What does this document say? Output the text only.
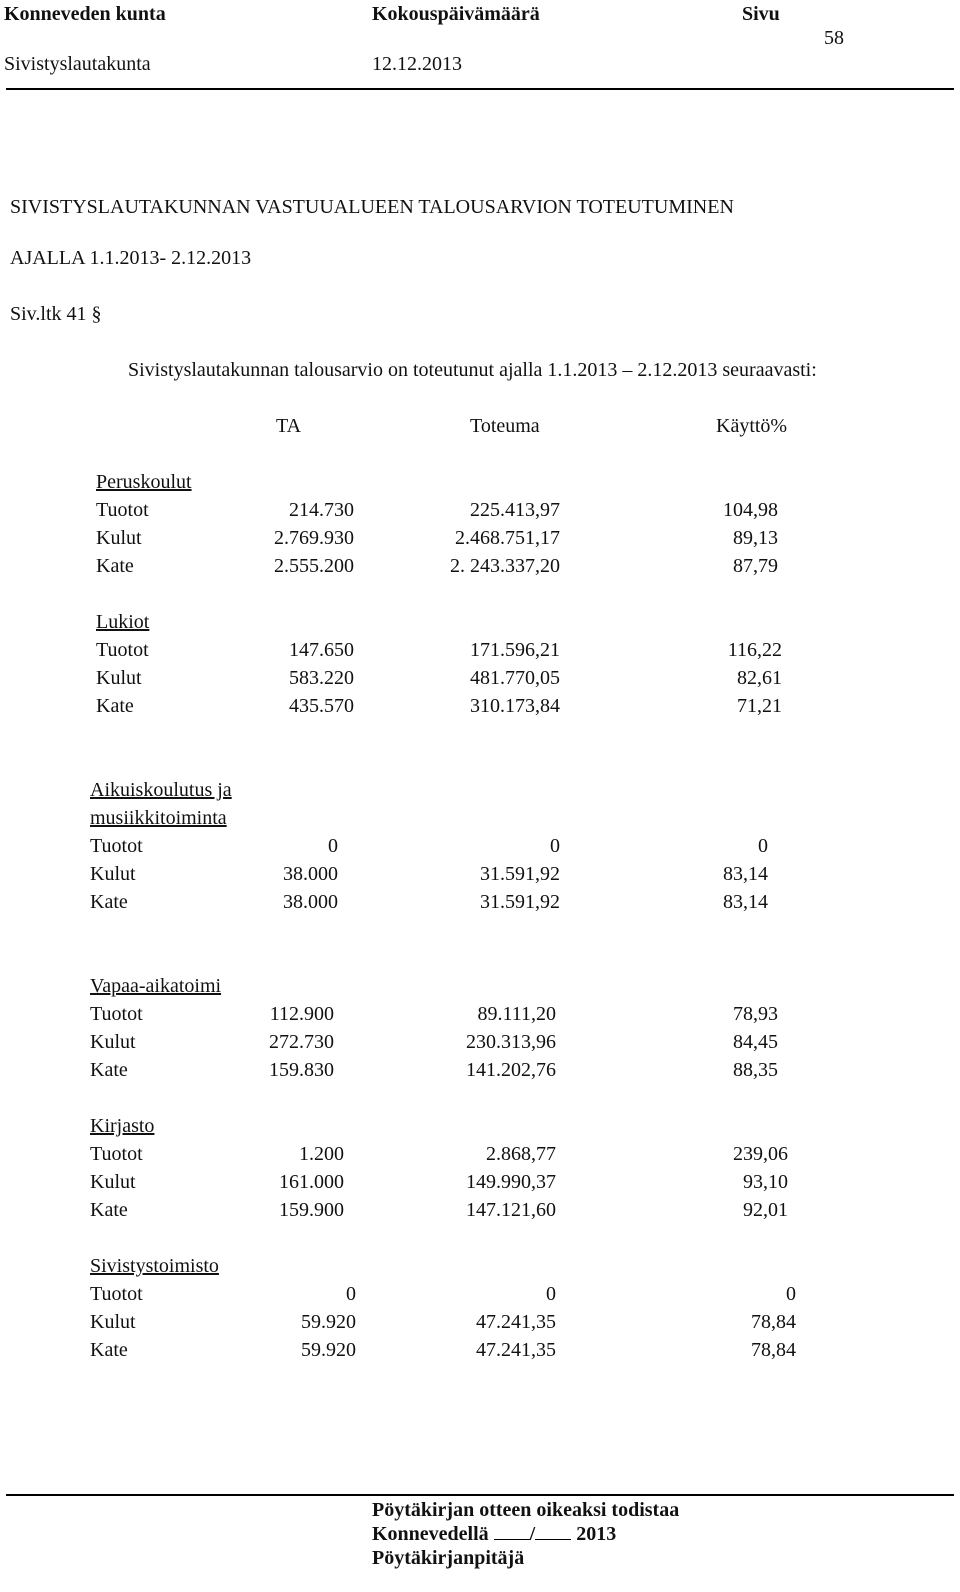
Konneveden kunta	Kokouspäivämäärä	Sivu
58
Sivistyslautakunta	12.12.2013
SIVISTYSLAUTAKUNNAN VASTUUALUEEN TALOUSARVION TOTEUTUMINEN
AJALLA 1.1.2013- 2.12.2013
Siv.ltk 41 §
Sivistyslautakunnan talousarvio on toteutunut ajalla 1.1.2013 – 2.12.2013 seuraavasti:
TA	Toteuma	Käyttö%
Peruskoulut
Tuotot	214.730	225.413,97	104,98
Kulut	2.769.930	2.468.751,17	89,13
Kate	2.555.200	2. 243.337,20	87,79
Lukiot
Tuotot	147.650	171.596,21	116,22
Kulut	583.220	481.770,05	82,61
Kate	435.570	310.173,84	71,21
Aikuiskoulutus ja
musiikkitoiminta
Tuotot	0	0	0
Kulut	38.000	31.591,92	83,14
Kate	38.000	31.591,92	83,14
Vapaa-aikatoimi
Tuotot	112.900	89.111,20	78,93
Kulut	272.730	230.313,96	84,45
Kate	159.830	141.202,76	88,35
Kirjasto
Tuotot	1.200	2.868,77	239,06
Kulut	161.000	149.990,37	93,10
Kate	159.900	147.121,60	92,01
Sivistystoimisto
Tuotot	0	0	0
Kulut	59.920	47.241,35	78,84
Kate	59.920	47.241,35	78,84
Pöytäkirjan otteen oikeaksi todistaa
Konnevedellä / 2013
Pöytäkirjanpitäjä
